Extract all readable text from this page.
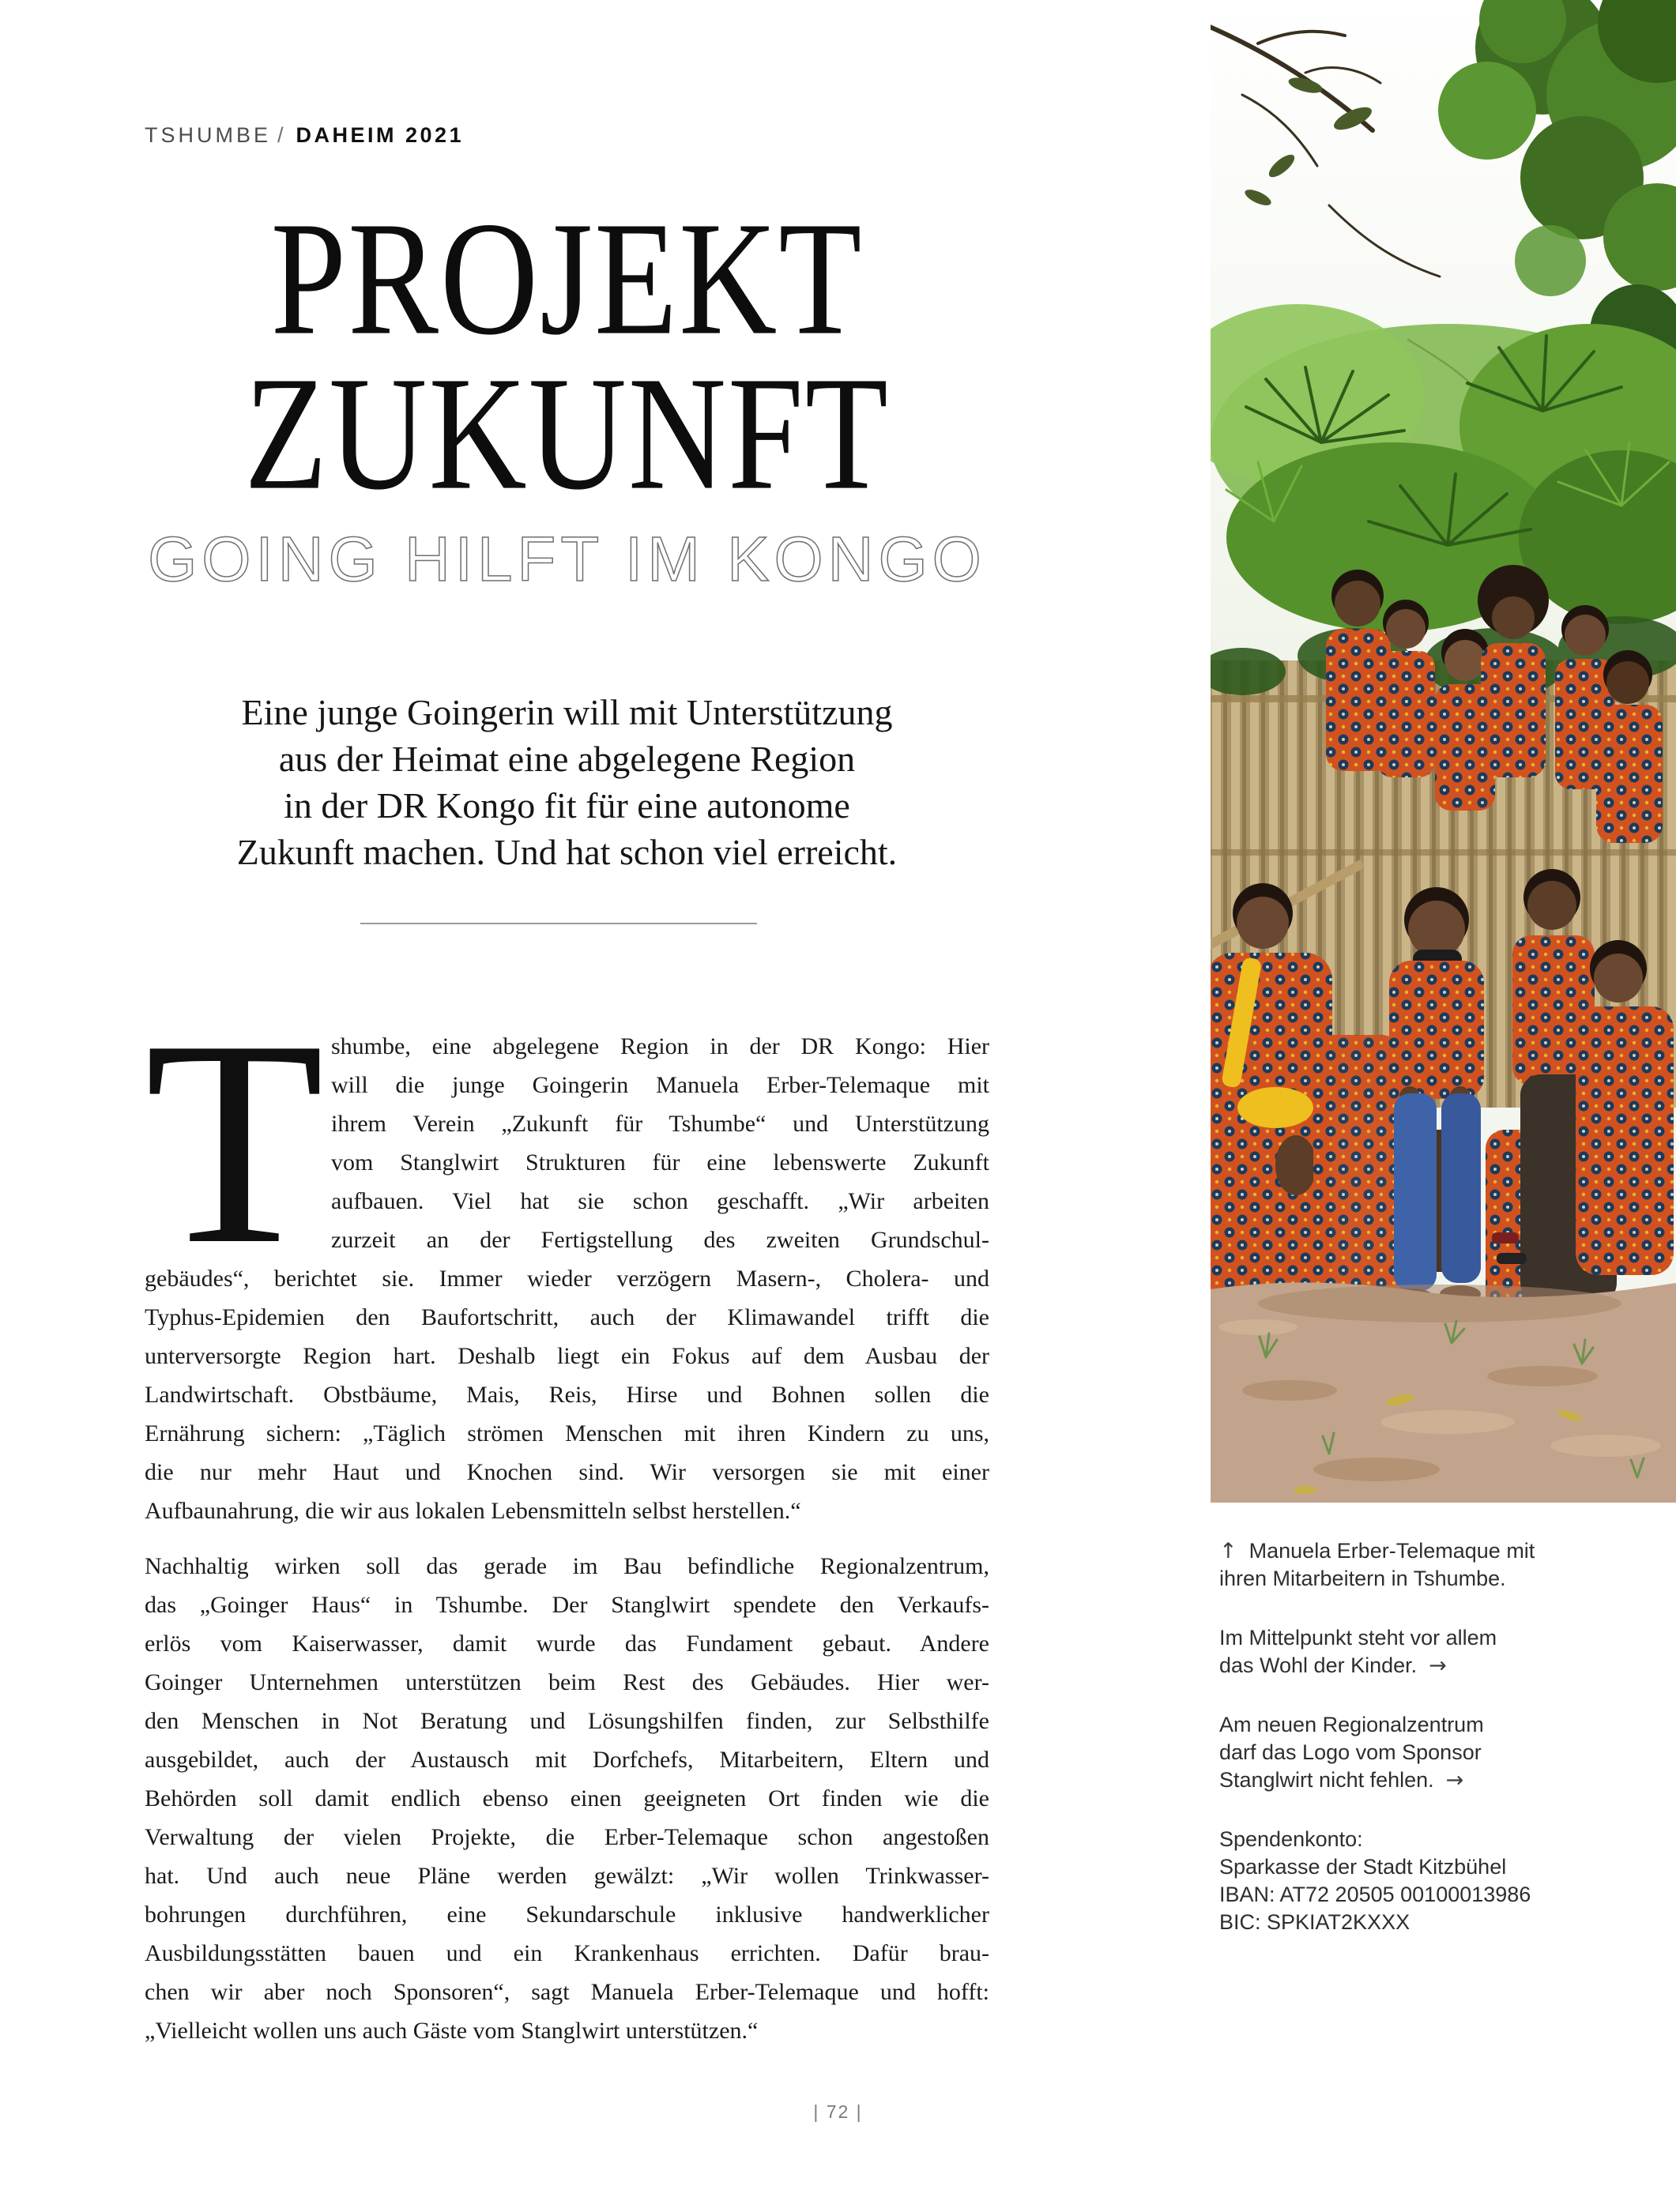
TSHUMBE / DAHEIM 2021
PROJEKT
ZUKUNFT
GOING HILFT IM KONGO
Eine junge Goingerin will mit Unterstützung
aus der Heimat eine abgelegene Region
in der DR Kongo fit für eine autonome
Zukunft machen. Und hat schon viel erreicht.
T shumbe, eine abgelegene Region in der DR Kongo: Hier
will die junge Goingerin Manuela Erber-Telemaque mit
ihrem Verein „Zukunft für Tshumbe“ und Unterstützung
vom Stanglwirt Strukturen für eine lebenswerte Zukunft
aufbauen. Viel hat sie schon geschafft. „Wir arbeiten
zurzeit an der Fertigstellung des zweiten Grundschul-
gebäudes“, berichtet sie. Immer wieder verzögern Masern-, Cholera- und
Typhus-Epidemien den Baufortschritt, auch der Klimawandel trifft die
unterversorgte Region hart. Deshalb liegt ein Fokus auf dem Ausbau der
Landwirtschaft. Obstbäume, Mais, Reis, Hirse und Bohnen sollen die
Ernährung sichern: „Täglich strömen Menschen mit ihren Kindern zu uns,
die nur mehr Haut und Knochen sind. Wir versorgen sie mit einer
Aufbaunahrung, die wir aus lokalen Lebensmitteln selbst herstellen.“
Nachhaltig wirken soll das gerade im Bau befindliche Regionalzentrum,
das „Goinger Haus“ in Tshumbe. Der Stanglwirt spendete den Verkaufs-
erlös vom Kaiserwasser, damit wurde das Fundament gebaut. Andere
Goinger Unternehmen unterstützen beim Rest des Gebäudes. Hier wer-
den Menschen in Not Beratung und Lösungshilfen finden, zur Selbsthilfe
ausgebildet, auch der Austausch mit Dorfchefs, Mitarbeitern, Eltern und
Behörden soll damit endlich ebenso einen geeigneten Ort finden wie die
Verwaltung der vielen Projekte, die Erber-Telemaque schon angestoßen
hat. Und auch neue Pläne werden gewälzt: „Wir wollen Trinkwasser-
bohrungen durchführen, eine Sekundarschule inklusive handwerklicher
Ausbildungsstätten bauen und ein Krankenhaus errichten. Dafür brau-
chen wir aber noch Sponsoren“, sagt Manuela Erber-Telemaque und hofft:
„Vielleicht wollen uns auch Gäste vom Stanglwirt unterstützen.“
↑ Manuela Erber-Telemaque mit
ihren Mitarbeitern in Tshumbe.
Im Mittelpunkt steht vor allem
das Wohl der Kinder. →
Am neuen Regionalzentrum
darf das Logo vom Sponsor
Stanglwirt nicht fehlen. →
Spendenkonto:
Sparkasse der Stadt Kitzbühel
IBAN: AT72 20505 00100013986
BIC: SPKIAT2KXXX
| 72 |
